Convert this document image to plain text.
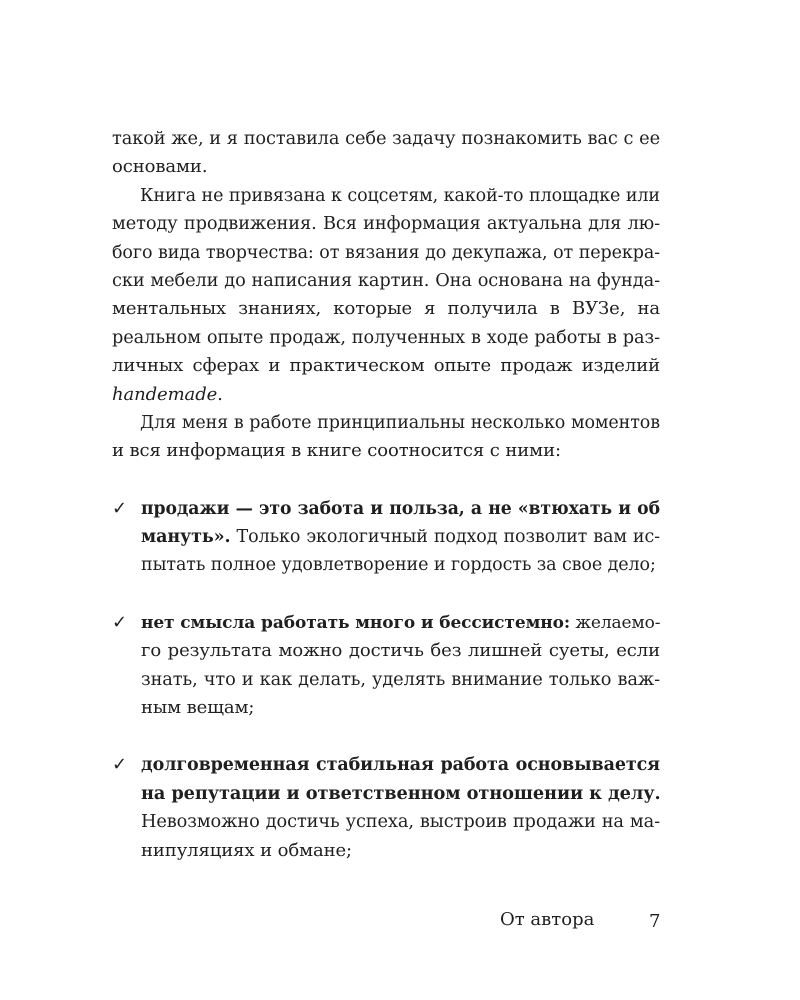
такой же, и я поставила себе задачу познакомить вас с ее
основами.
Книга не привязана к соцсетям, какой-то площадке или
методу продвижения. Вся информация актуальна для лю-
бого вида творчества: от вязания до декупажа, от перекра-
ски мебели до написания картин. Она основана на фунда-
ментальных знаниях, которые я получила в ВУЗе, на
реальном опыте продаж, полученных в ходе работы в раз-
личных сферах и практическом опыте продаж изделий
handemade.
Для меня в работе принципиальны несколько моментов
и вся информация в книге соотносится с ними:
✓ продажи — это забота и польза, а не «втюхать и об
мануть». Только экологичный подход позволит вам ис-
пытать полное удовлетворение и гордость за свое дело;
✓ нет смысла работать много и бессистемно: желаемо-
го результата можно достичь без лишней суеты, если
знать, что и как делать, уделять внимание только важ-
ным вещам;
✓ долговременная стабильная работа основывается
на репутации и ответственном отношении к делу.
Невозможно достичь успеха, выстроив продажи на ма-
нипуляциях и обмане;
От автора	7
